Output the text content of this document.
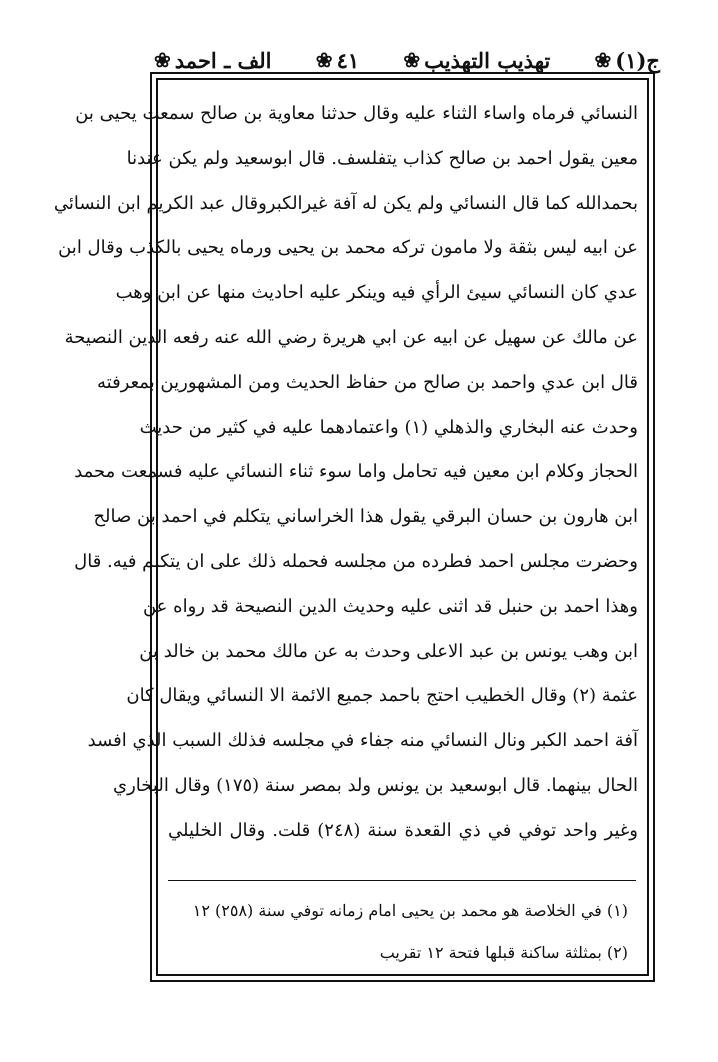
ج(١)
❀
تهذيب التهذيب
❀
٤١
❀
الف ـ احمد
❀
النسائي فرماه واساء الثناء عليه وقال حدثنا معاوية بن صالح سمعت يحيى بن
معين يقول احمد بن صالح كذاب يتفلسف. قال ابوسعيد ولم يكن عندنا
بحمدالله كما قال النسائي ولم يكن له آفة غيرالكبروقال عبد الكريم ابن النسائي
عن ابيه ليس بثقة ولا مامون تركه محمد بن يحيى ورماه يحيى بالكذب وقال ابن
عدي كان النسائي سيئ الرأي فيه وينكر عليه احاديث منها عن ابن وهب
عن مالك عن سهيل عن ابيه عن ابي هريرة رضي الله عنه رفعه الدين النصيحة
قال ابن عدي واحمد بن صالح من حفاظ الحديث ومن المشهورين بمعرفته
وحدث عنه البخاري والذهلي (١) واعتمادهما عليه في كثير من حديث
الحجاز وكلام ابن معين فيه تحامل واما سوء ثناء النسائي عليه فسمعت محمد
ابن هارون بن حسان البرقي يقول هذا الخراساني يتكلم في احمد بن صالح
وحضرت مجلس احمد فطرده من مجلسه فحمله ذلك على ان يتكلم فيه. قال
وهذا احمد بن حنبل قد اثنى عليه وحديث الدين النصيحة قد رواه عن
ابن وهب يونس بن عبد الاعلى وحدث به عن مالك محمد بن خالد بن
عثمة (٢) وقال الخطيب احتج باحمد جميع الائمة الا النسائي ويقال كان
آفة احمد الكبر ونال النسائي منه جفاء في مجلسه فذلك السبب الذي افسد
الحال بينهما. قال ابوسعيد بن يونس ولد بمصر سنة (١٧٥) وقال البخاري
وغير واحد توفي في ذي القعدة سنة (٢٤٨) قلت. وقال الخليلي
(١) في الخلاصة هو محمد بن يحيى امام زمانه توفي سنة (٢٥٨) ١٢
(٢) بمثلثة ساكنة قبلها فتحة ١٢ تقريب
